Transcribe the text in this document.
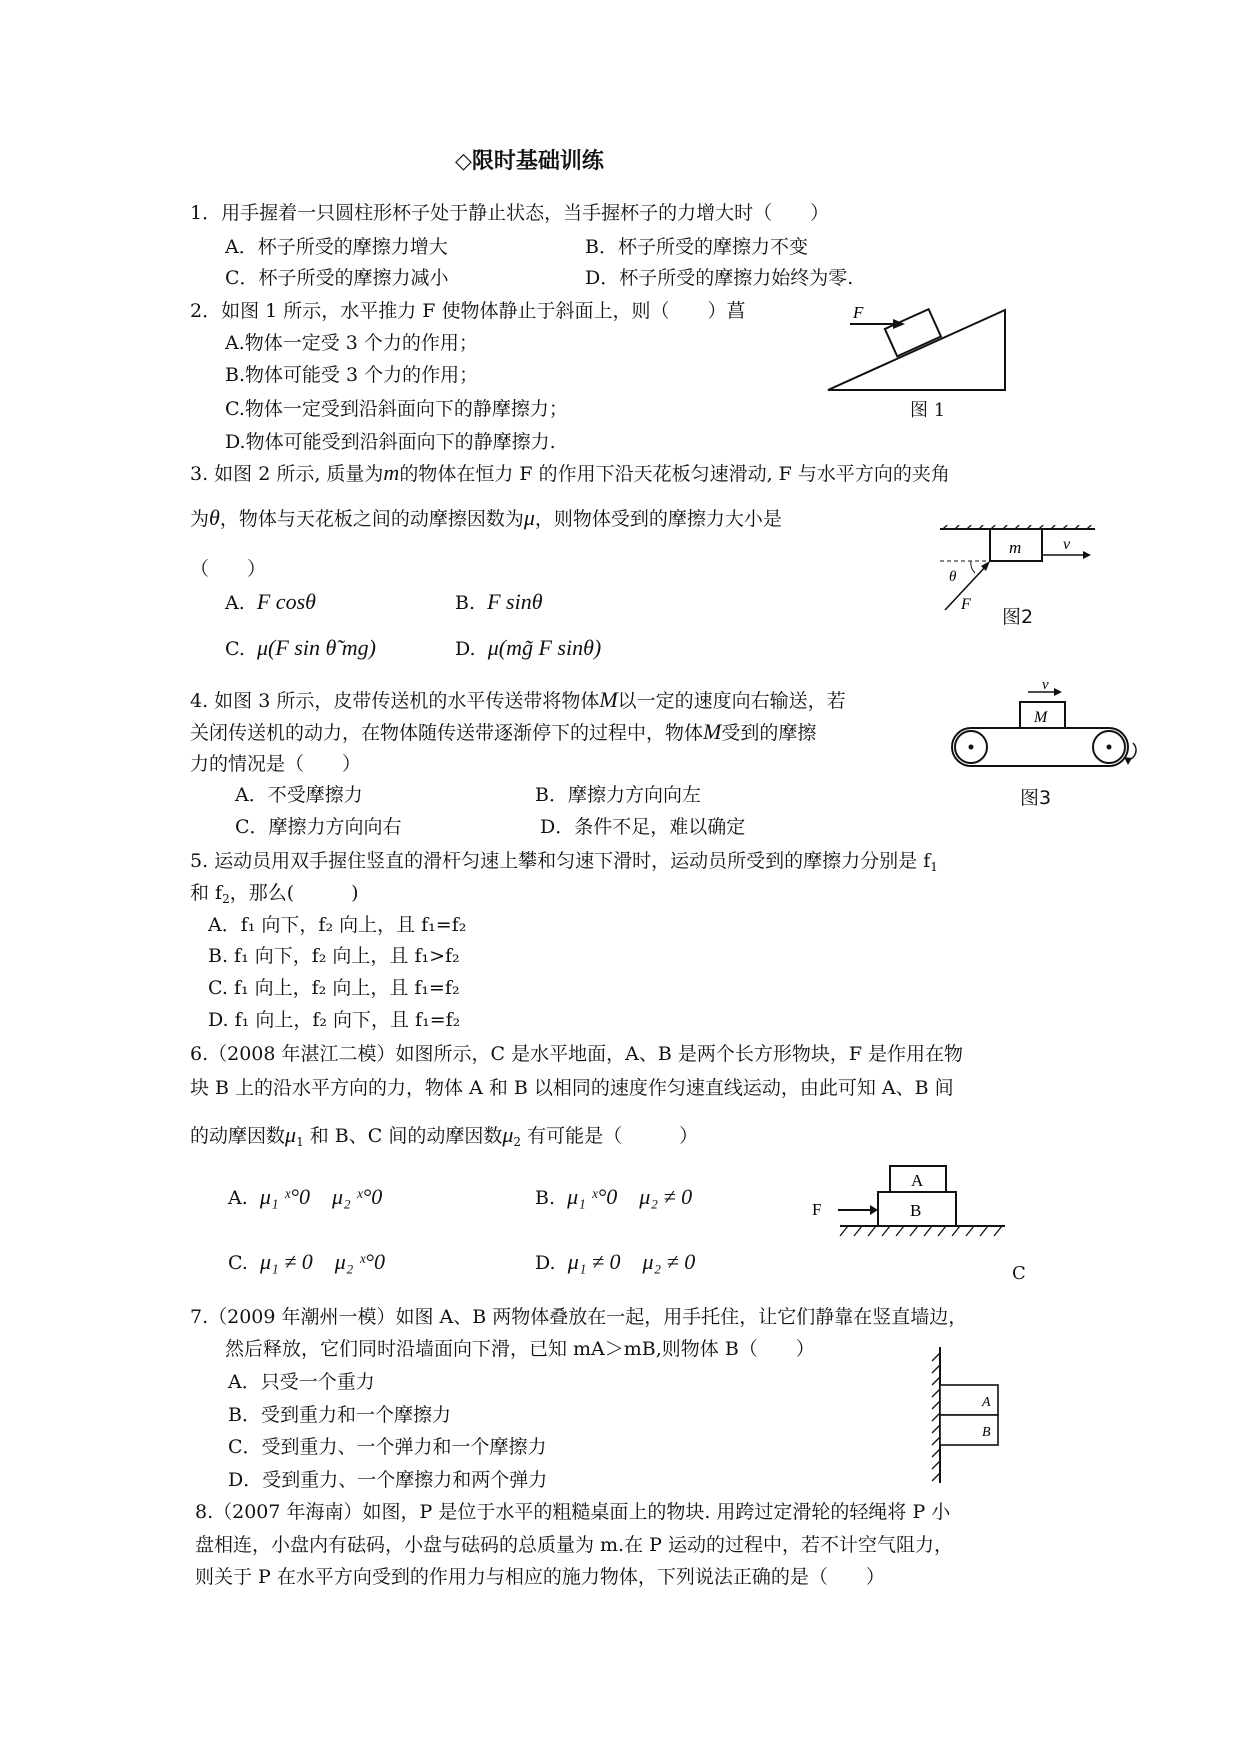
◇限时基础训练
1．用手握着一只圆柱形杯子处于静止状态，当手握杯子的力增大时（　　）
A．杯子所受的摩擦力增大	B．杯子所受的摩擦力不变
C．杯子所受的摩擦力减小	D．杯子所受的摩擦力始终为零.
2．如图 1 所示，水平推力 F 使物体静止于斜面上，则（　　）菖
A.物体一定受 3 个力的作用；
B.物体可能受 3 个力的作用；
C.物体一定受到沿斜面向下的静摩擦力；
D.物体可能受到沿斜面向下的静摩擦力.
F
图 1
3. 如图 2 所示, 质量为m的物体在恒力 F 的作用下沿天花板匀速滑动, F 与水平方向的夹角
为θ，物体与天花板之间的动摩擦因数为μ，则物体受到的摩擦力大小是
（　　）
A. F cosθ	B. F sinθ
C. μ(F sin θ̃ mg)	D. μ(mg̃ F sinθ)
m	v
θ
F
图2
4. 如图 3 所示，皮带传送机的水平传送带将物体M以一定的速度向右输送，若
关闭传送机的动力，在物体随传送带逐渐停下的过程中，物体M受到的摩擦
力的情况是（　　）
A．不受摩擦力	B．摩擦力方向向左
C．摩擦力方向向右	D．条件不足，难以确定
M
v
图3
5. 运动员用双手握住竖直的滑杆匀速上攀和匀速下滑时，运动员所受到的摩擦力分别是 $f_1$
和 $f_2$，那么(　　　)
A．f₁ 向下，f₂ 向上，且 f₁=f₂
B. f₁ 向下，f₂ 向上，且 f₁>f₂
C. f₁ 向上，f₂ 向上，且 f₁=f₂
D. f₁ 向上，f₂ 向下，且 f₁=f₂
6.（2008 年湛江二模）如图所示，C 是水平地面，A、B 是两个长方形物块，F 是作用在物
块 B 上的沿水平方向的力，物体 A 和 B 以相同的速度作匀速直线运动，由此可知 A、B 间
的动摩因数$\mu_1$ 和 B、C 间的动摩因数$\mu_2$ 有可能是（　　　）
A. μ₁ ˣ°0　μ₂ ˣ°0	B. μ₁ ˣ°0　μ₂ ≠ 0
C. μ₁ ≠ 0　μ₂ ˣ°0	D. μ₁ ≠ 0　μ₂ ≠ 0
A
B
F
C
7.（2009 年潮州一模）如图 A、B 两物体叠放在一起，用手托住，让它们静靠在竖直墙边，
然后释放，它们同时沿墙面向下滑，已知 mA＞mB,则物体 B（　　）
A．只受一个重力
B．受到重力和一个摩擦力
C．受到重力、一个弹力和一个摩擦力
D．受到重力、一个摩擦力和两个弹力
A
B
8.（2007 年海南）如图，P 是位于水平的粗糙桌面上的物块. 用跨过定滑轮的轻绳将 P 小
盘相连，小盘内有砝码，小盘与砝码的总质量为 m.在 P 运动的过程中，若不计空气阻力，
则关于 P 在水平方向受到的作用力与相应的施力物体，下列说法正确的是（　　）
